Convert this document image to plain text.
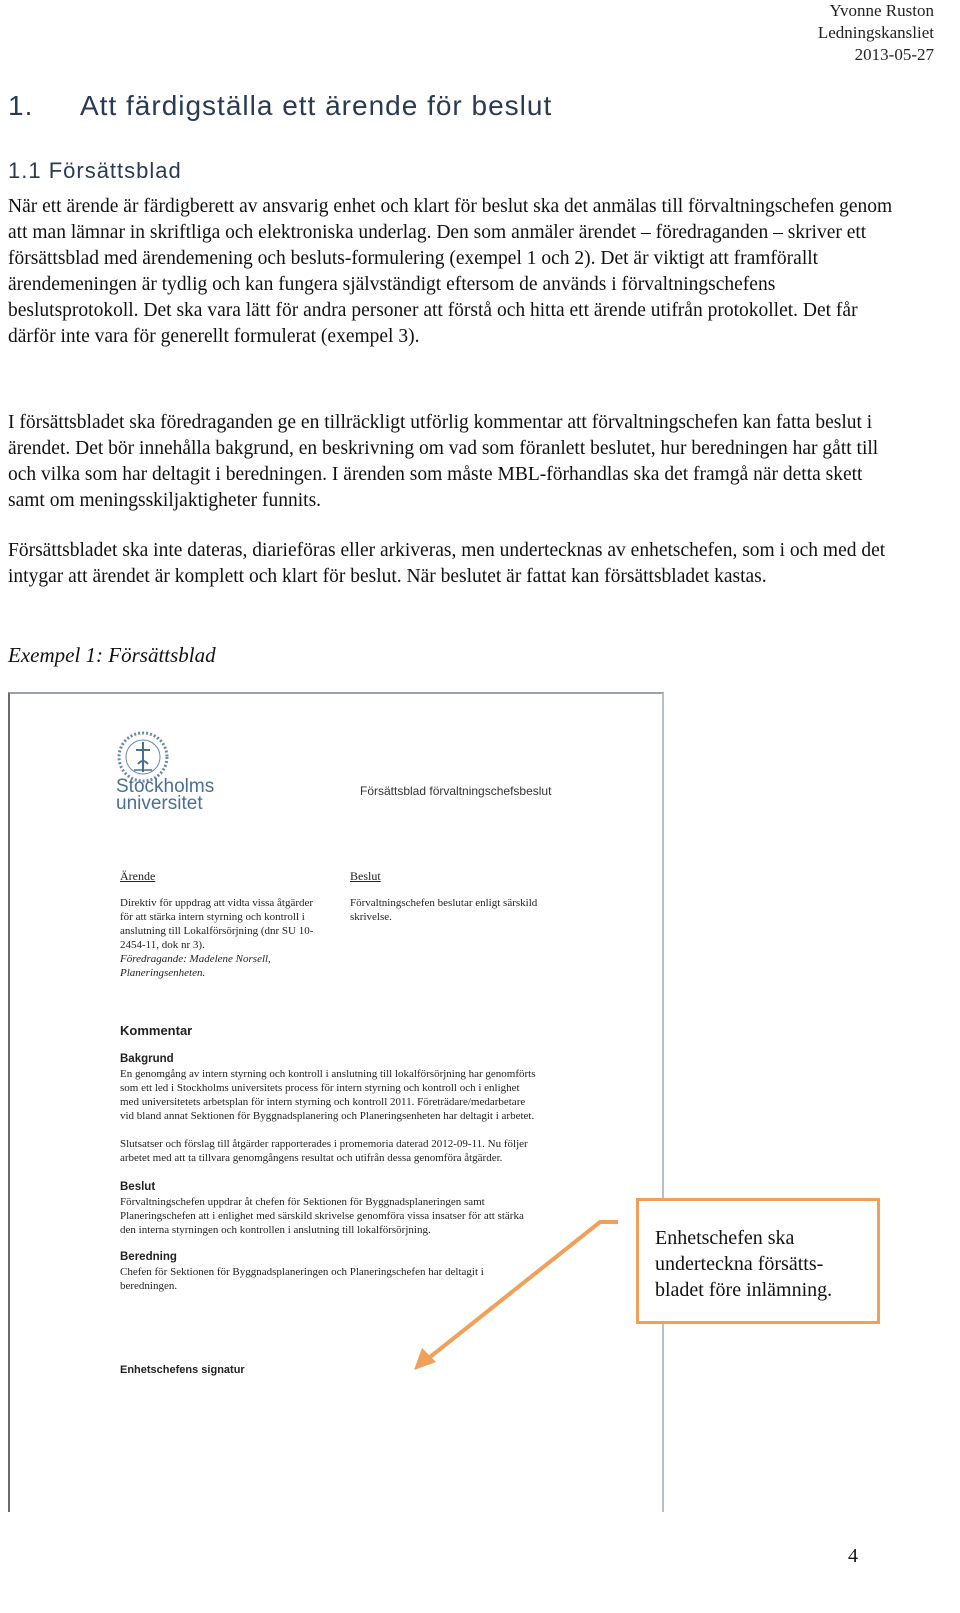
Yvonne Ruston
Ledningskansliet
2013-05-27
1. Att färdigställa ett ärende för beslut
1.1 Försättsblad

När ett ärende är färdigberett av ansvarig enhet och klart för beslut ska det anmälas till förvaltningschefen genom att man lämnar in skriftliga och elektroniska underlag. Den som anmäler ärendet – föredraganden – skriver ett försättsblad med ärendemening och besluts-formulering (exempel 1 och 2). Det är viktigt att framförallt ärendemeningen är tydlig och kan fungera självständigt eftersom de används i förvaltningschefens beslutsprotokoll. Det ska vara lätt för andra personer att förstå och hitta ett ärende utifrån protokollet. Det får därför inte vara för generellt formulerat (exempel 3).

I försättsbladet ska föredraganden ge en tillräckligt utförlig kommentar att förvaltningschefen kan fatta beslut i ärendet. Det bör innehålla bakgrund, en beskrivning om vad som föranlett beslutet, hur beredningen har gått till och vilka som har deltagit i beredningen. I ärenden som måste MBL-förhandlas ska det framgå när detta skett samt om meningsskiljaktigheter funnits.

Försättsbladet ska inte dateras, diarieföras eller arkiveras, men undertecknas av enhetschefen, som i och med det intygar att ärendet är komplett och klart för beslut. När beslutet är fattat kan försättsbladet kastas.

Exempel 1: Försättsblad
Stockholms
universitet
Försättsblad förvaltningschefsbeslut
Ärende
Direktiv för uppdrag att vidta vissa åtgärder
för att stärka intern styrning och kontroll i
anslutning till Lokalförsörjning (dnr SU 10-
2454-11, dok nr 3).
Föredragande: Madelene Norsell,
Planeringsenheten.
Beslut
Förvaltningschefen beslutar enligt särskild
skrivelse.
Kommentar
Bakgrund
En genomgång av intern styrning och kontroll i anslutning till lokalförsörjning har genomförts
som ett led i Stockholms universitets process för intern styrning och kontroll och i enlighet
med universitetets arbetsplan för intern styrning och kontroll 2011. Företrädare/medarbetare
vid bland annat Sektionen för Byggnadsplanering och Planeringsenheten har deltagit i arbetet.
Slutsatser och förslag till åtgärder rapporterades i promemoria daterad 2012-09-11. Nu följer
arbetet med att ta tillvara genomgångens resultat och utifrån dessa genomföra åtgärder.
Beslut
Förvaltningschefen uppdrar åt chefen för Sektionen för Byggnadsplaneringen samt
Planeringschefen att i enlighet med särskild skrivelse genomföra vissa insatser för att stärka
den interna styrningen och kontrollen i anslutning till lokalförsörjning.
Beredning
Chefen för Sektionen för Byggnadsplaneringen och Planeringschefen har deltagit i
beredningen.
Enhetschefens signatur
Enhetschefen ska
underteckna försätts-
bladet före inlämning.
4
